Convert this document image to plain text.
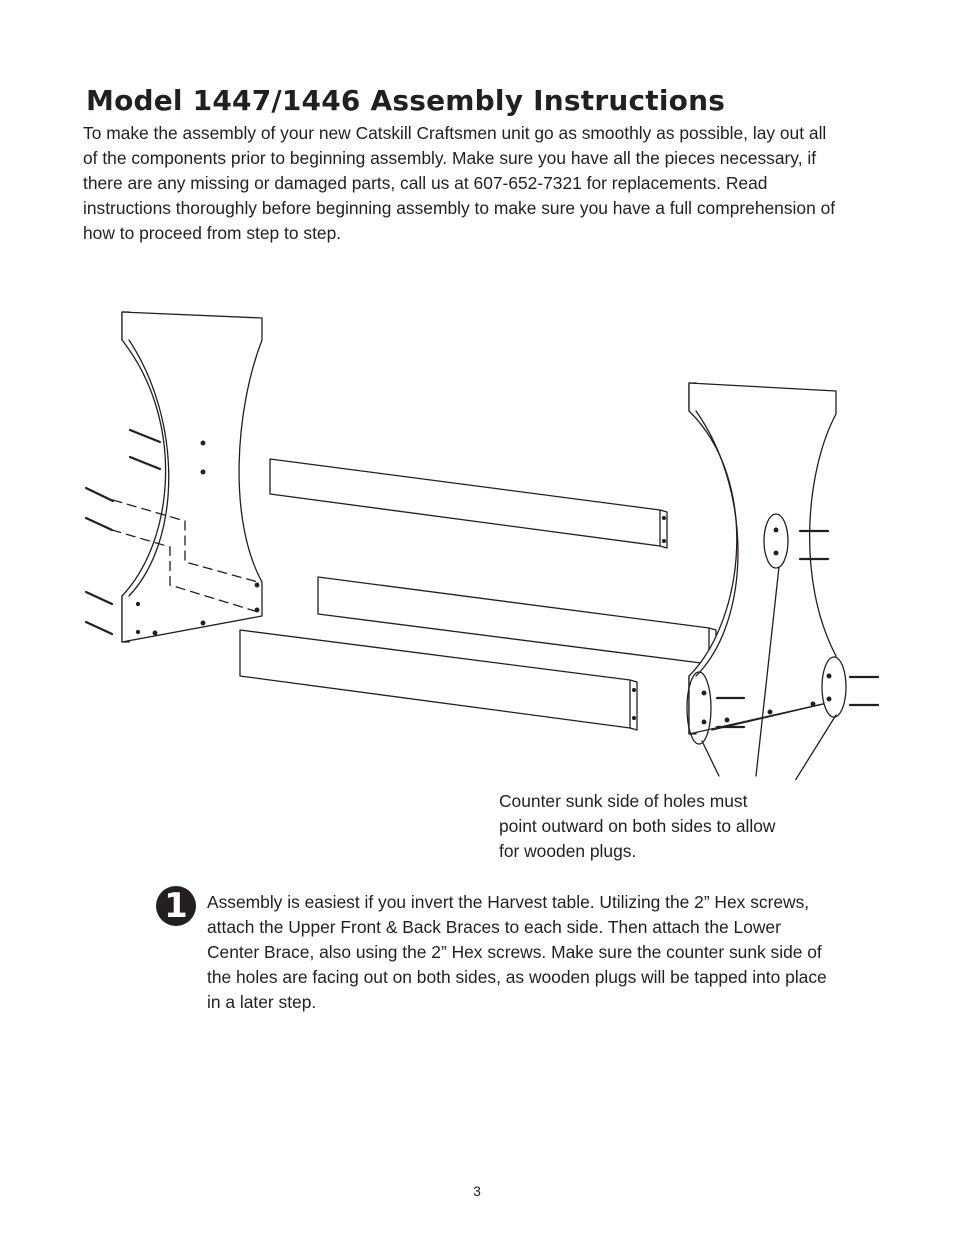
Model 1447/1446 Assembly Instructions

To make the assembly of your new Catskill Craftsmen unit go as smoothly as possible, lay out all of the components prior to beginning assembly. Make sure you have all the pieces necessary, if there are any missing or damaged parts, call us at 607-652-7321 for replacements. Read instructions thoroughly before beginning assembly to make sure you have a full comprehension of how to proceed from step to step.

Counter sunk side of holes must point outward on both sides to allow for wooden plugs.

1	Assembly is easiest if you invert the Harvest table. Utilizing the 2” Hex screws, attach the Upper Front & Back Braces to each side. Then attach the Lower Center Brace, also using the 2” Hex screws. Make sure the counter sunk side of the holes are facing out on both sides, as wooden plugs will be tapped into place in a later step.

3
